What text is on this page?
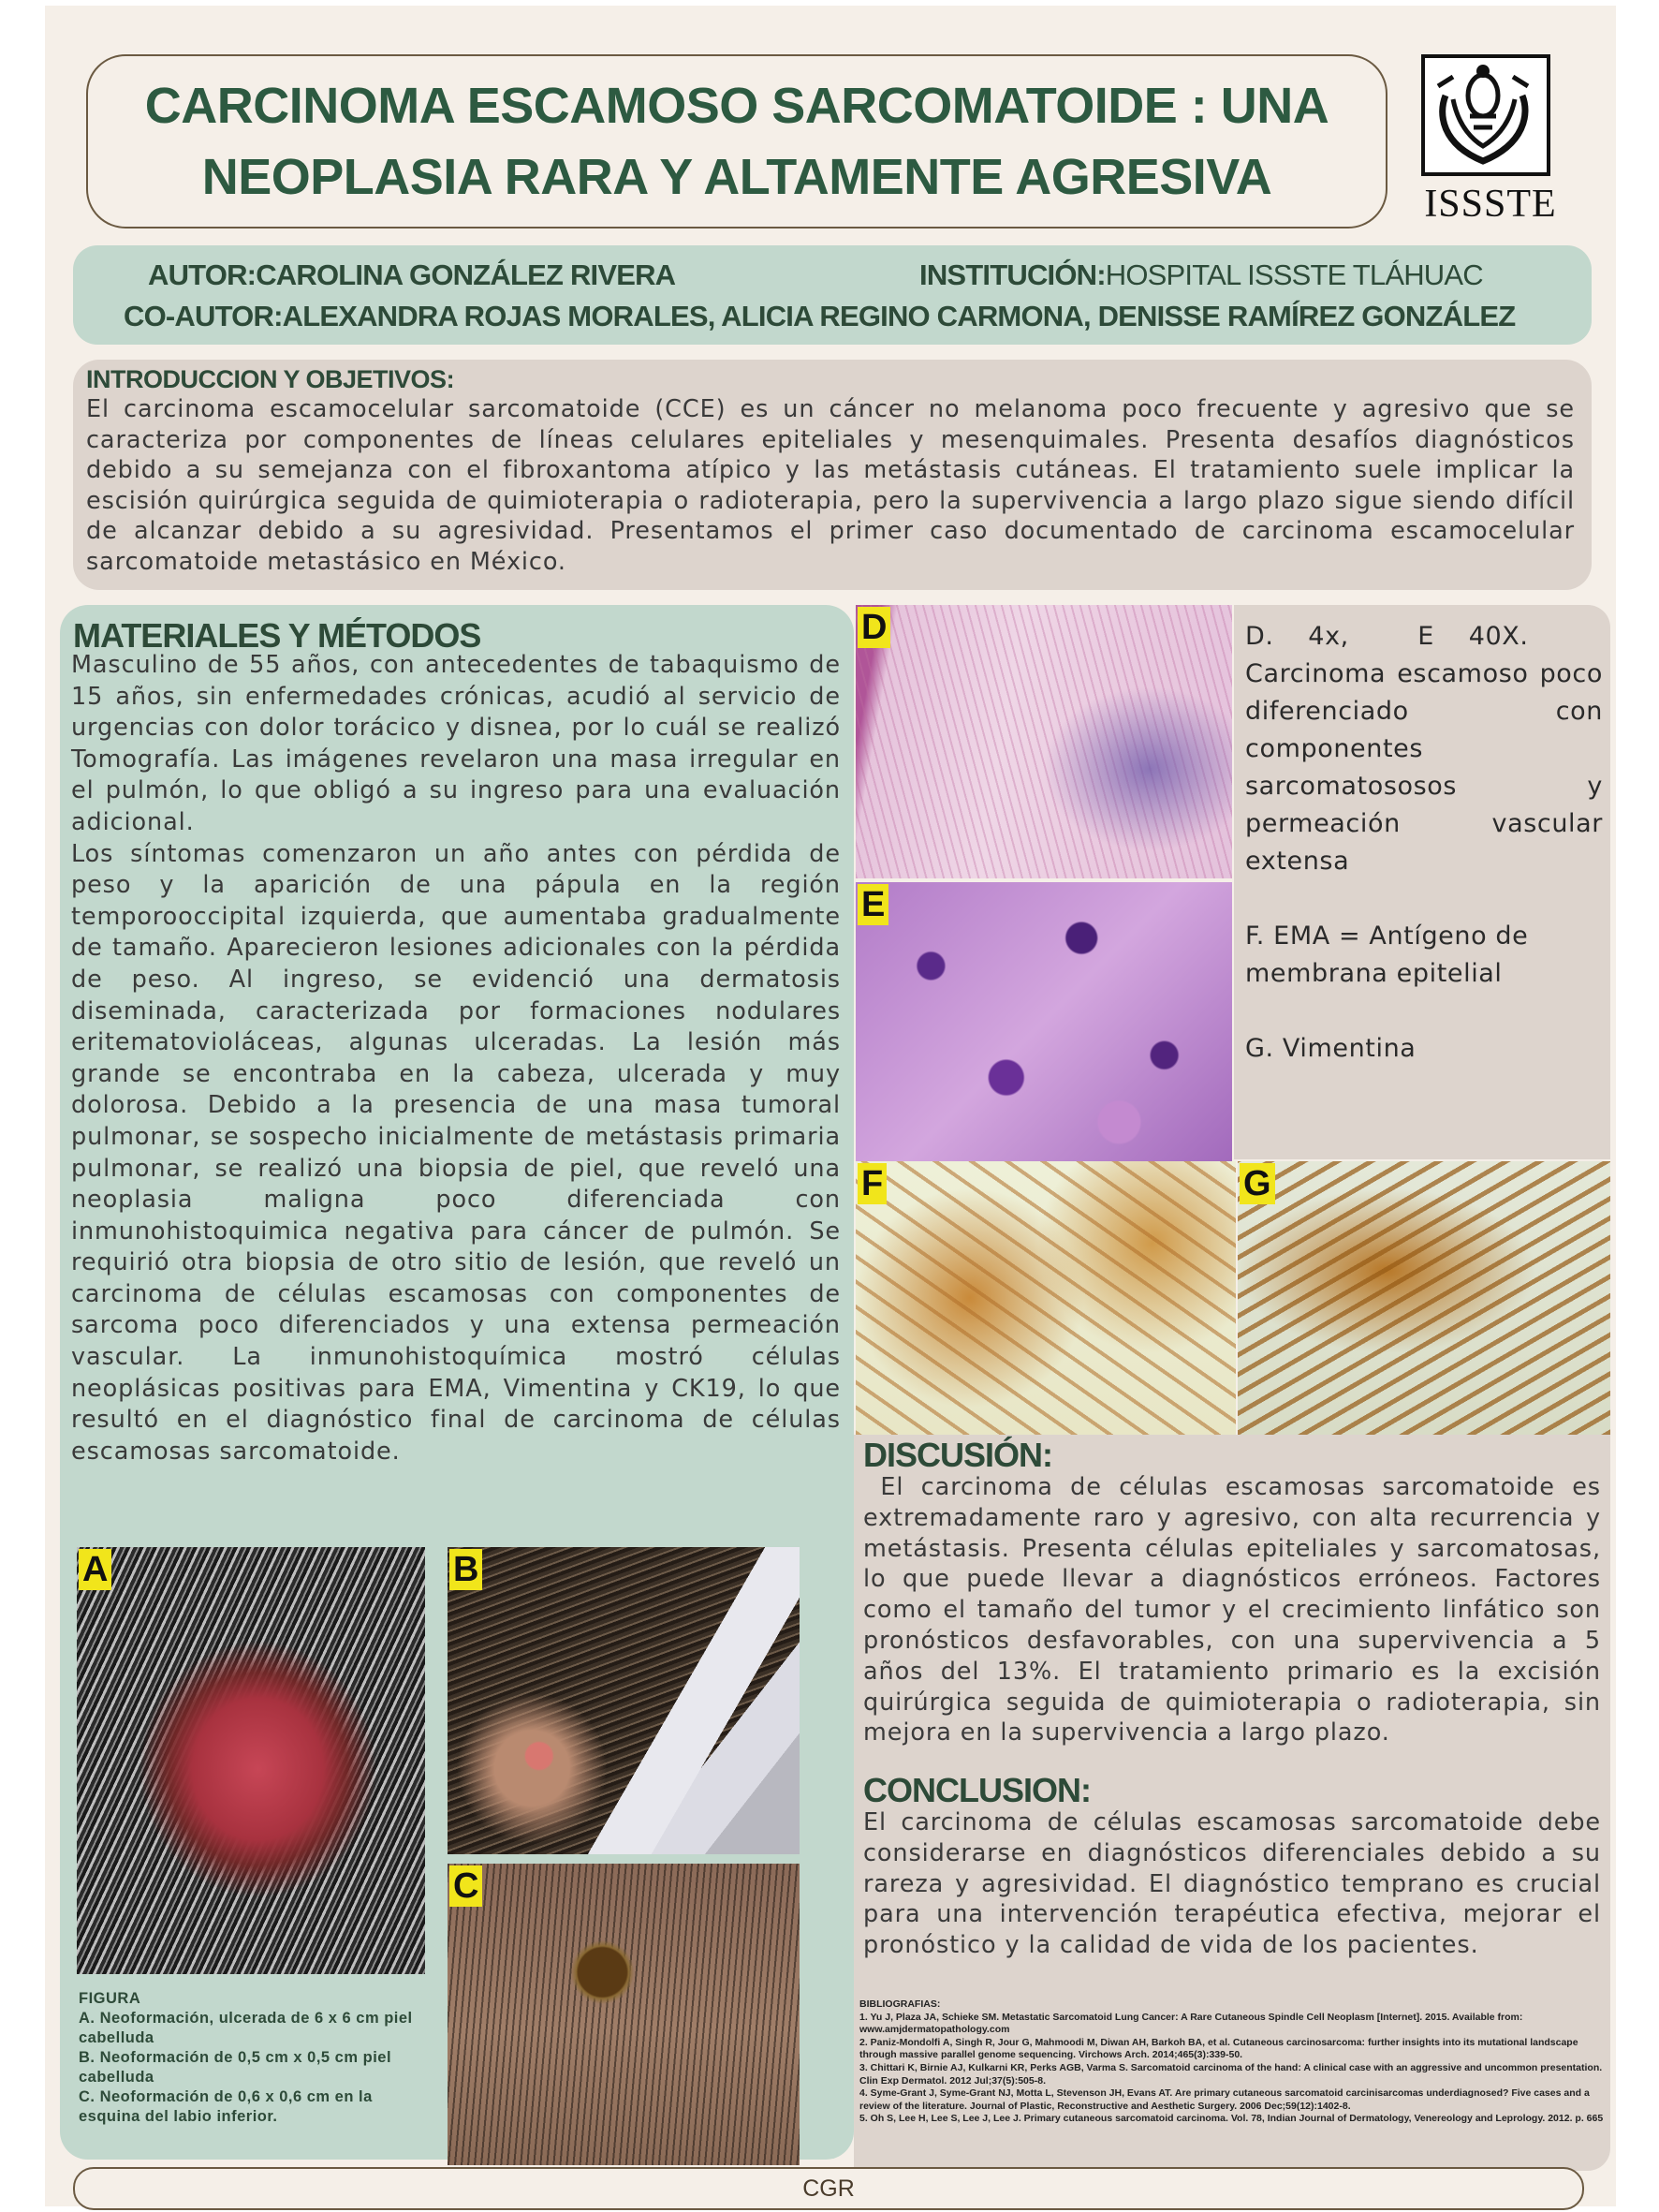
CARCINOMA ESCAMOSO SARCOMATOIDE : UNA
NEOPLASIA RARA Y ALTAMENTE AGRESIVA	ISSSTE
AUTOR:CAROLINA GONZÁLEZ RIVERA	INSTITUCIÓN:HOSPITAL ISSSTE TLÁHUAC
CO-AUTOR:ALEXANDRA ROJAS MORALES, ALICIA REGINO CARMONA, DENISSE RAMÍREZ GONZÁLEZ
INTRODUCCION Y OBJETIVOS:

El carcinoma escamocelular sarcomatoide (CCE) es un cáncer no melanoma poco frecuente y agresivo que se caracteriza por componentes de líneas celulares epiteliales y mesenquimales. Presenta desafíos diagnósticos debido a su semejanza con el fibroxantoma atípico y las metástasis cutáneas. El tratamiento suele implicar la escisión quirúrgica seguida de quimioterapia o radioterapia, pero la supervivencia a largo plazo sigue siendo difícil de alcanzar debido a su agresividad. Presentamos el primer caso documentado de carcinoma escamocelular sarcomatoide metastásico en México.

MATERIALES Y MÉTODOS

Masculino de 55 años, con antecedentes de tabaquismo de 15 años, sin enfermedades crónicas, acudió al servicio de urgencias con dolor torácico y disnea, por lo cuál se realizó Tomografía. Las imágenes revelaron una masa irregular en el pulmón, lo que obligó a su ingreso para una evaluación adicional.

Los síntomas comenzaron un año antes con pérdida de peso y la aparición de una pápula en la región temporooccipital izquierda, que aumentaba gradualmente de tamaño. Aparecieron lesiones adicionales con la pérdida de peso. Al ingreso, se evidenció una dermatosis diseminada, caracterizada por formaciones nodulares eritematovioláceas, algunas ulceradas. La lesión más grande se encontraba en la cabeza, ulcerada y muy dolorosa. Debido a la presencia de una masa tumoral pulmonar, se sospecho inicialmente de metástasis primaria pulmonar, se realizó una biopsia de piel, que reveló una neoplasia maligna poco diferenciada con inmunohistoquimica negativa para cáncer de pulmón. Se requirió otra biopsia de otro sitio de lesión, que reveló un carcinoma de células escamosas con componentes de sarcoma poco diferenciados y una extensa permeación vascular. La inmunohistoquímica mostró células neoplásicas positivas para EMA, Vimentina y CK19, lo que resultó en el diagnóstico final de carcinoma de células escamosas sarcomatoide.

A	B
C
FIGURA
A. Neoformación, ulcerada de 6 x 6 cm piel cabelluda
B. Neoformación de 0,5 cm x 0,5 cm piel cabelluda
C. Neoformación de 0,6 x 0,6 cm en la esquina del labio inferior.
D
E
F	G

D.    4x,        E    40X.

Carcinoma escamoso poco diferenciado con componentes sarcomatososos y permeación vascular extensa

F. EMA = Antígeno de membrana epitelial

G. Vimentina

DISCUSIÓN:

El carcinoma de células escamosas sarcomatoide es extremadamente raro y agresivo, con alta recurrencia y metástasis. Presenta células epiteliales y sarcomatosas, lo que puede llevar a diagnósticos erróneos. Factores como el tamaño del tumor y el crecimiento linfático son pronósticos desfavorables, con una supervivencia a 5 años del 13%. El tratamiento primario es la excisión quirúrgica seguida de quimioterapia o radioterapia, sin mejora en la supervivencia a largo plazo.

CONCLUSION:

El carcinoma de células escamosas sarcomatoide debe considerarse en diagnósticos diferenciales debido a su rareza y agresividad. El diagnóstico temprano es crucial para una intervención terapéutica efectiva, mejorar el pronóstico y la calidad de vida de los pacientes.

BIBLIOGRAFIAS:
1. Yu J, Plaza JA, Schieke SM. Metastatic Sarcomatoid Lung Cancer: A Rare Cutaneous Spindle Cell Neoplasm [Internet]. 2015. Available from: www.amjdermatopathology.com
2. Paniz-Mondolfi A, Singh R, Jour G, Mahmoodi M, Diwan AH, Barkoh BA, et al. Cutaneous carcinosarcoma: further insights into its mutational landscape through massive parallel genome sequencing. Virchows Arch. 2014;465(3):339-50.
3. Chittari K, Birnie AJ, Kulkarni KR, Perks AGB, Varma S. Sarcomatoid carcinoma of the hand: A clinical case with an aggressive and uncommon presentation. Clin Exp Dermatol. 2012 Jul;37(5):505-8.
4. Syme-Grant J, Syme-Grant NJ, Motta L, Stevenson JH, Evans AT. Are primary cutaneous sarcomatoid carcinisarcomas underdiagnosed? Five cases and a review of the literature. Journal of Plastic, Reconstructive and Aesthetic Surgery. 2006 Dec;59(12):1402-8.
5. Oh S, Lee H, Lee S, Lee J, Lee J. Primary cutaneous sarcomatoid carcinoma. Vol. 78, Indian Journal of Dermatology, Venereology and Leprology. 2012. p. 665
CGR
